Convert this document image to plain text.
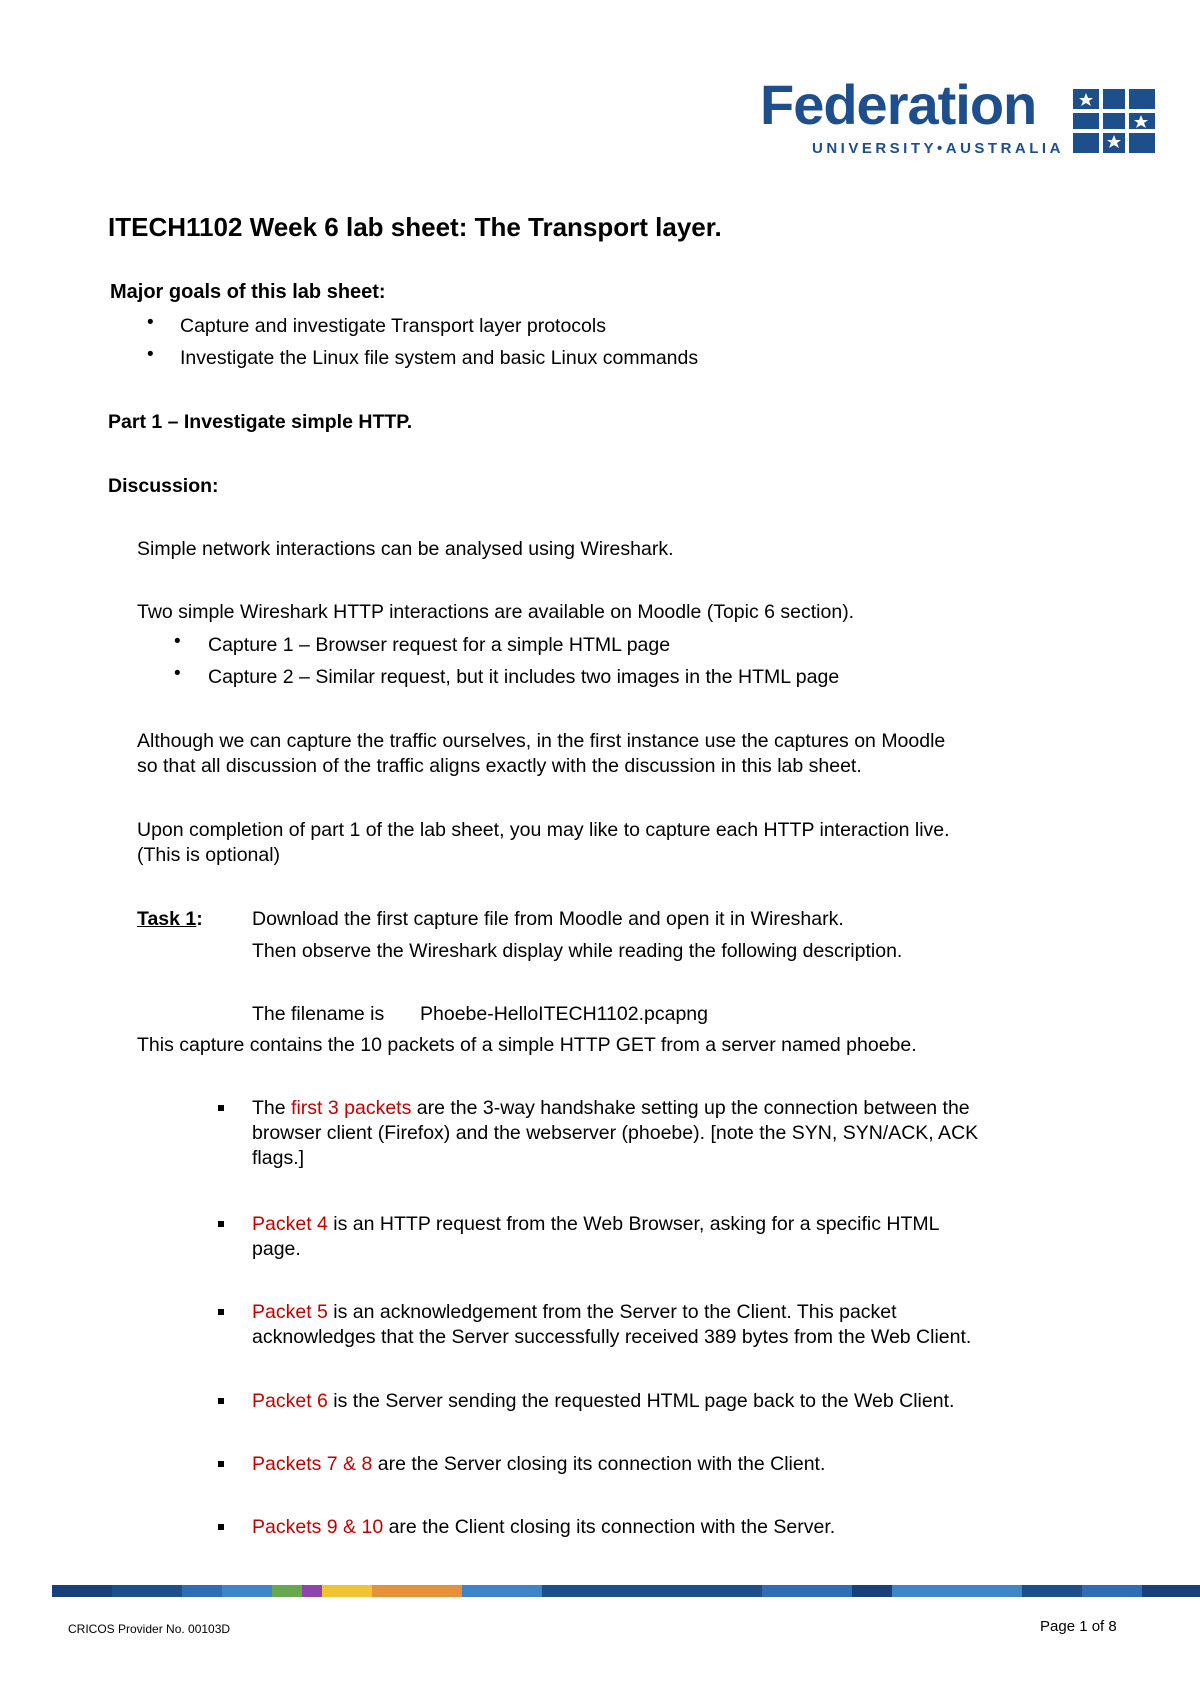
Federation
UNIVERSITY•AUSTRALIA
ITECH1102 Week 6 lab sheet: The Transport layer.
Major goals of this lab sheet:
• Capture and investigate Transport layer protocols
• Investigate the Linux file system and basic Linux commands
Part 1 – Investigate simple HTTP.
Discussion:
Simple network interactions can be analysed using Wireshark.
Two simple Wireshark HTTP interactions are available on Moodle (Topic 6 section).
• Capture 1 – Browser request for a simple HTML page
• Capture 2 – Similar request, but it includes two images in the HTML page
Although we can capture the traffic ourselves, in the first instance use the captures on Moodle
so that all discussion of the traffic aligns exactly with the discussion in this lab sheet.
Upon completion of part 1 of the lab sheet, you may like to capture each HTTP interaction live.
(This is optional)
Task 1:	Download the first capture file from Moodle and open it in Wireshark.
Then observe the Wireshark display while reading the following description.
The filename is Phoebe-HelloITECH1102.pcapng
This capture contains the 10 packets of a simple HTTP GET from a server named phoebe.
The first 3 packets are the 3-way handshake setting up the connection between the
browser client (Firefox) and the webserver (phoebe). [note the SYN, SYN/ACK, ACK
flags.]
Packet 4 is an HTTP request from the Web Browser, asking for a specific HTML
page.
Packet 5 is an acknowledgement from the Server to the Client. This packet
acknowledges that the Server successfully received 389 bytes from the Web Client.
Packet 6 is the Server sending the requested HTML page back to the Web Client.
Packets 7 & 8 are the Server closing its connection with the Client.
Packets 9 & 10 are the Client closing its connection with the Server.
CRICOS Provider No. 00103D	Page 1 of 8
